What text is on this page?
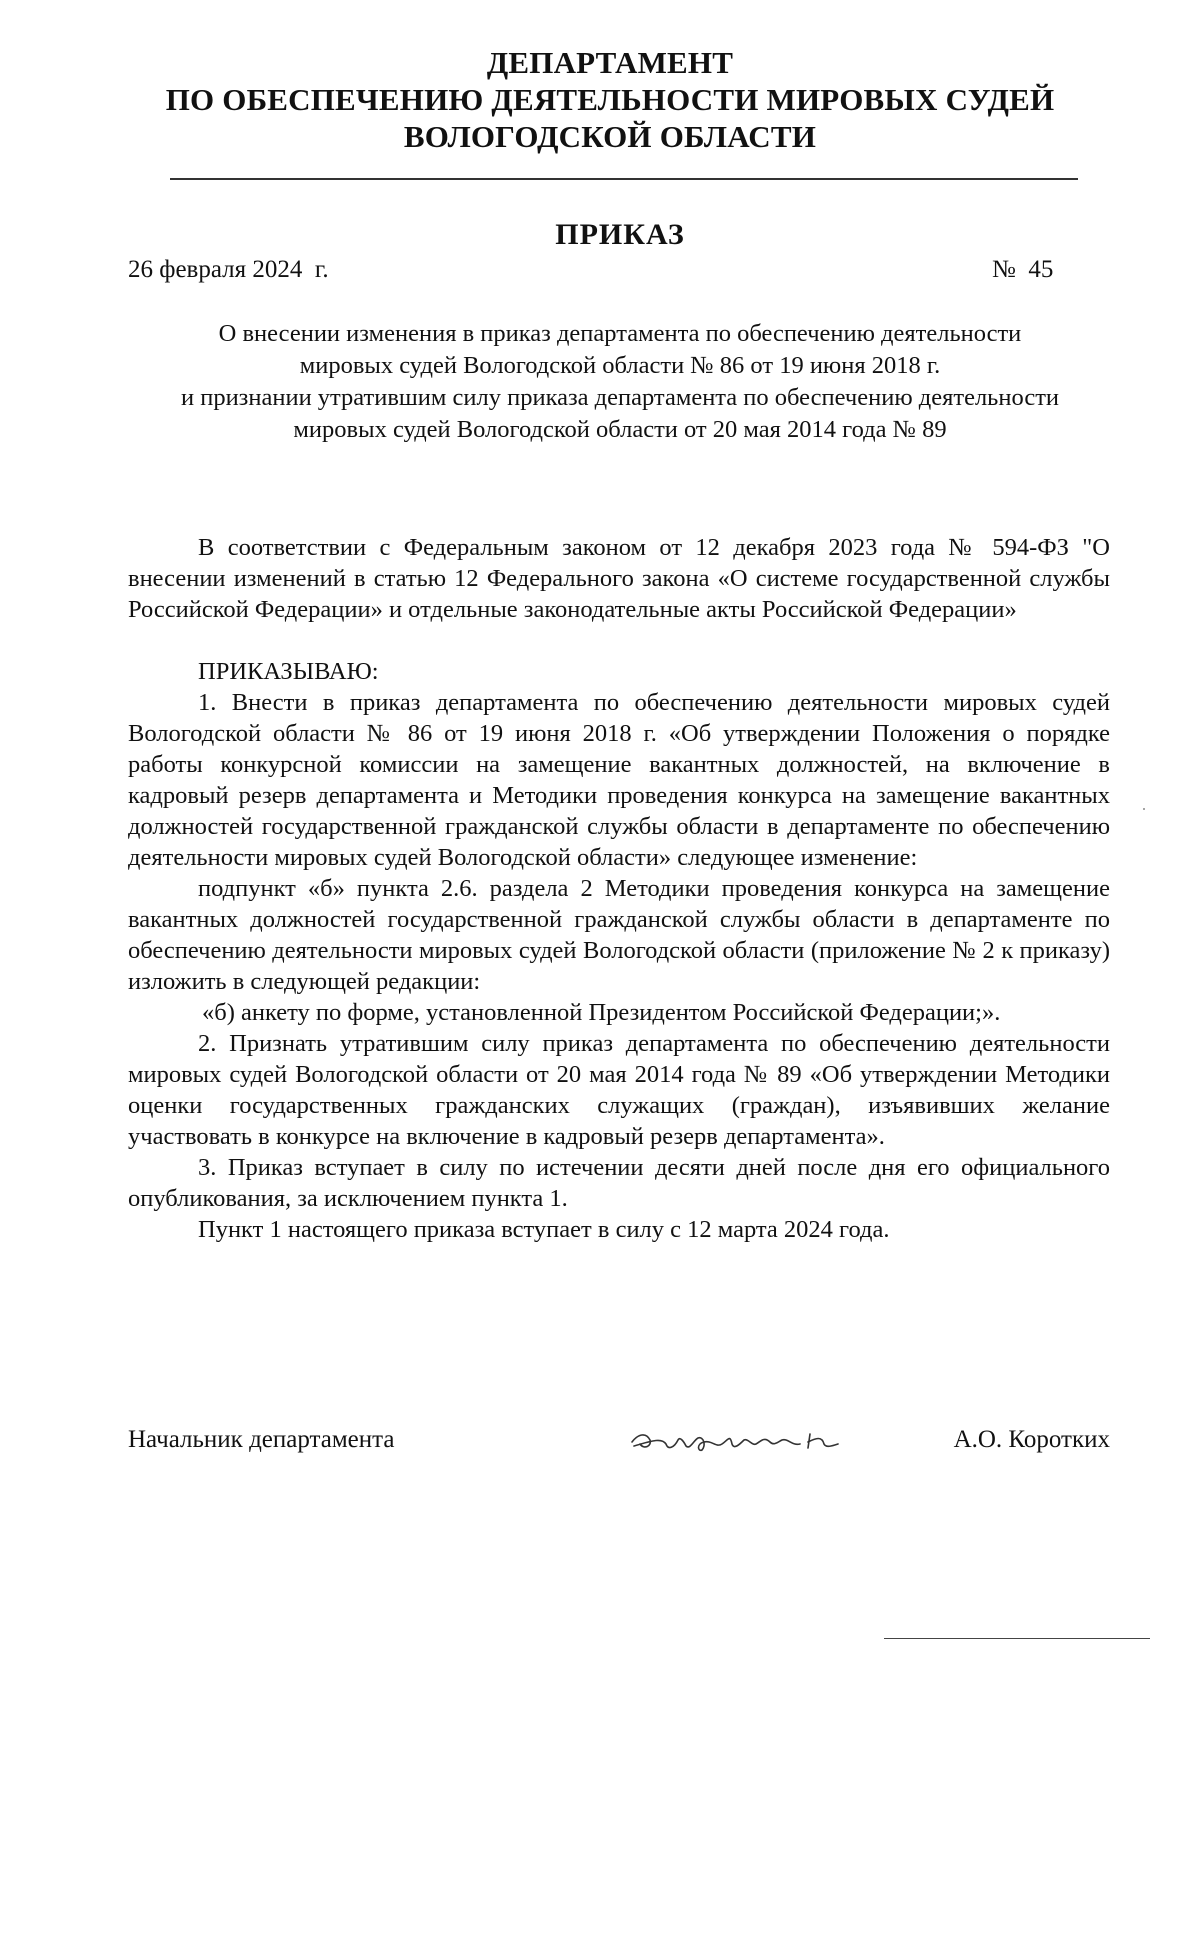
ДЕПАРТАМЕНТ
ПО ОБЕСПЕЧЕНИЮ ДЕЯТЕЛЬНОСТИ МИРОВЫХ СУДЕЙ
ВОЛОГОДСКОЙ ОБЛАСТИ
ПРИКАЗ
26 февраля 2024  г.	№  45
О внесении изменения в приказ департамента по обеспечению деятельности
мировых судей Вологодской области № 86 от 19 июня 2018 г.
и признании утратившим силу приказа департамента по обеспечению деятельности
мировых судей Вологодской области от 20 мая 2014 года № 89

В соответствии с Федеральным законом от 12 декабря 2023 года № 594-ФЗ "О внесении изменений в статью 12 Федерального закона «О системе государственной службы Российской Федерации» и отдельные законодательные акты Российской Федерации»

ПРИКАЗЫВАЮ:

1. Внести в приказ департамента по обеспечению деятельности мировых судей Вологодской области № 86 от 19 июня 2018 г. «Об утверждении Положения о порядке работы конкурсной комиссии на замещение вакантных должностей, на включение в кадровый резерв департамента и Методики проведения конкурса на замещение вакантных должностей государственной гражданской службы области в департаменте по обеспечению деятельности мировых судей Вологодской области» следующее изменение:

подпункт «б» пункта 2.6. раздела 2 Методики проведения конкурса на замещение вакантных должностей государственной гражданской службы области в департаменте по обеспечению деятельности мировых судей Вологодской области (приложение № 2 к приказу) изложить в следующей редакции:

«б) анкету по форме, установленной Президентом Российской Федерации;».

2. Признать утратившим силу приказ департамента по обеспечению деятельности мировых судей Вологодской области от 20 мая 2014 года № 89 «Об утверждении Методики оценки государственных гражданских служащих (граждан), изъявивших желание участвовать в конкурсе на включение в кадровый резерв департамента».

3. Приказ вступает в силу по истечении десяти дней после дня его официального опубликования, за исключением пункта 1.

Пункт 1 настоящего приказа вступает в силу с 12 марта 2024 года.

Начальник департамента	А.О. Коротких
